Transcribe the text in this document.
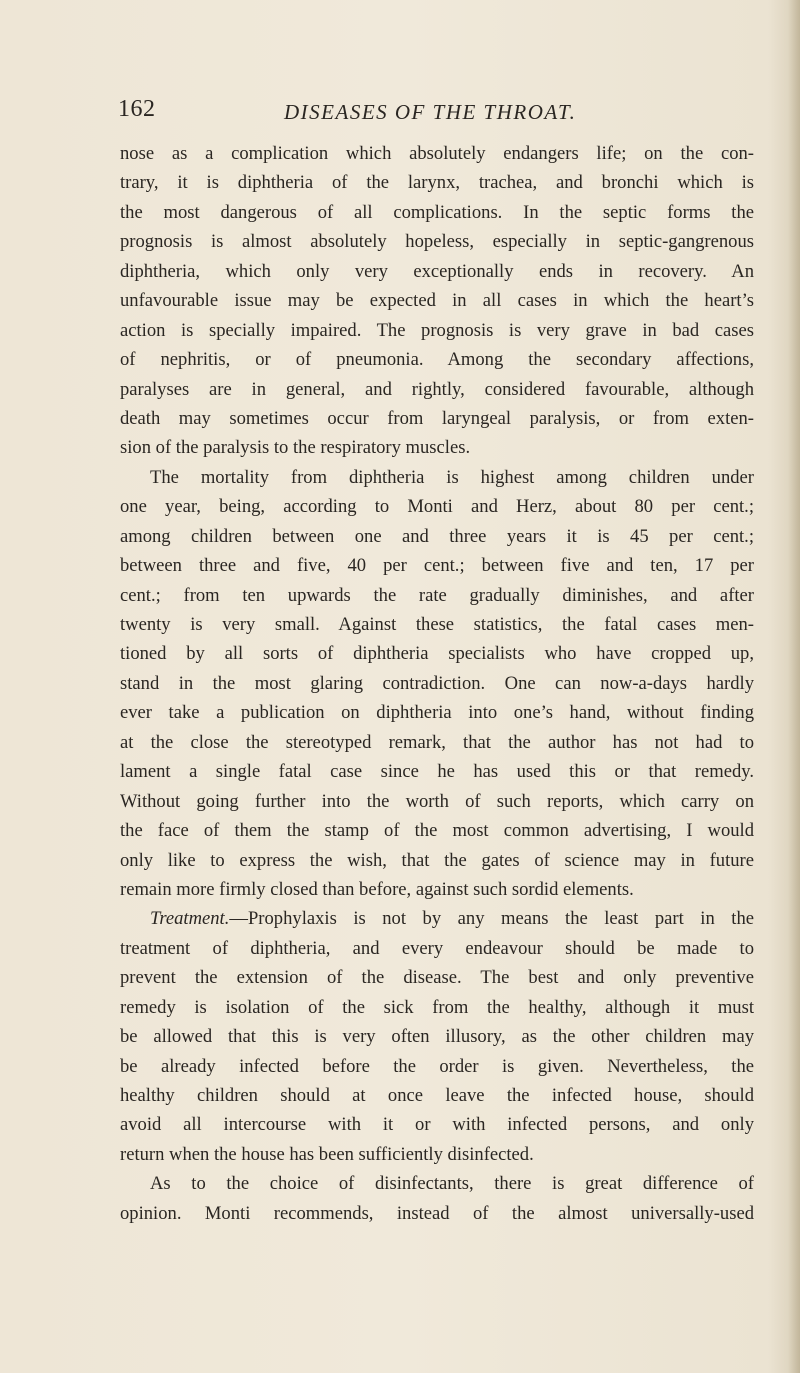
162	DISEASES OF THE THROAT.
nose as a complication which absolutely endangers life; on the con-
trary, it is diphtheria of the larynx, trachea, and bronchi which is
the most dangerous of all complications. In the septic forms the
prognosis is almost absolutely hopeless, especially in septic-gangrenous
diphtheria, which only very exceptionally ends in recovery. An
unfavourable issue may be expected in all cases in which the heart’s
action is specially impaired. The prognosis is very grave in bad cases
of nephritis, or of pneumonia. Among the secondary affections,
paralyses are in general, and rightly, considered favourable, although
death may sometimes occur from laryngeal paralysis, or from exten-
sion of the paralysis to the respiratory muscles.
The mortality from diphtheria is highest among children under
one year, being, according to Monti and Herz, about 80 per cent.;
among children between one and three years it is 45 per cent.;
between three and five, 40 per cent.; between five and ten, 17 per
cent.; from ten upwards the rate gradually diminishes, and after
twenty is very small. Against these statistics, the fatal cases men-
tioned by all sorts of diphtheria specialists who have cropped up,
stand in the most glaring contradiction. One can now-a-days hardly
ever take a publication on diphtheria into one’s hand, without finding
at the close the stereotyped remark, that the author has not had to
lament a single fatal case since he has used this or that remedy.
Without going further into the worth of such reports, which carry on
the face of them the stamp of the most common advertising, I would
only like to express the wish, that the gates of science may in future
remain more firmly closed than before, against such sordid elements.
Treatment.—Prophylaxis is not by any means the least part in the
treatment of diphtheria, and every endeavour should be made to
prevent the extension of the disease. The best and only preventive
remedy is isolation of the sick from the healthy, although it must
be allowed that this is very often illusory, as the other children may
be already infected before the order is given. Nevertheless, the
healthy children should at once leave the infected house, should
avoid all intercourse with it or with infected persons, and only
return when the house has been sufficiently disinfected.
As to the choice of disinfectants, there is great difference of
opinion. Monti recommends, instead of the almost universally-used
